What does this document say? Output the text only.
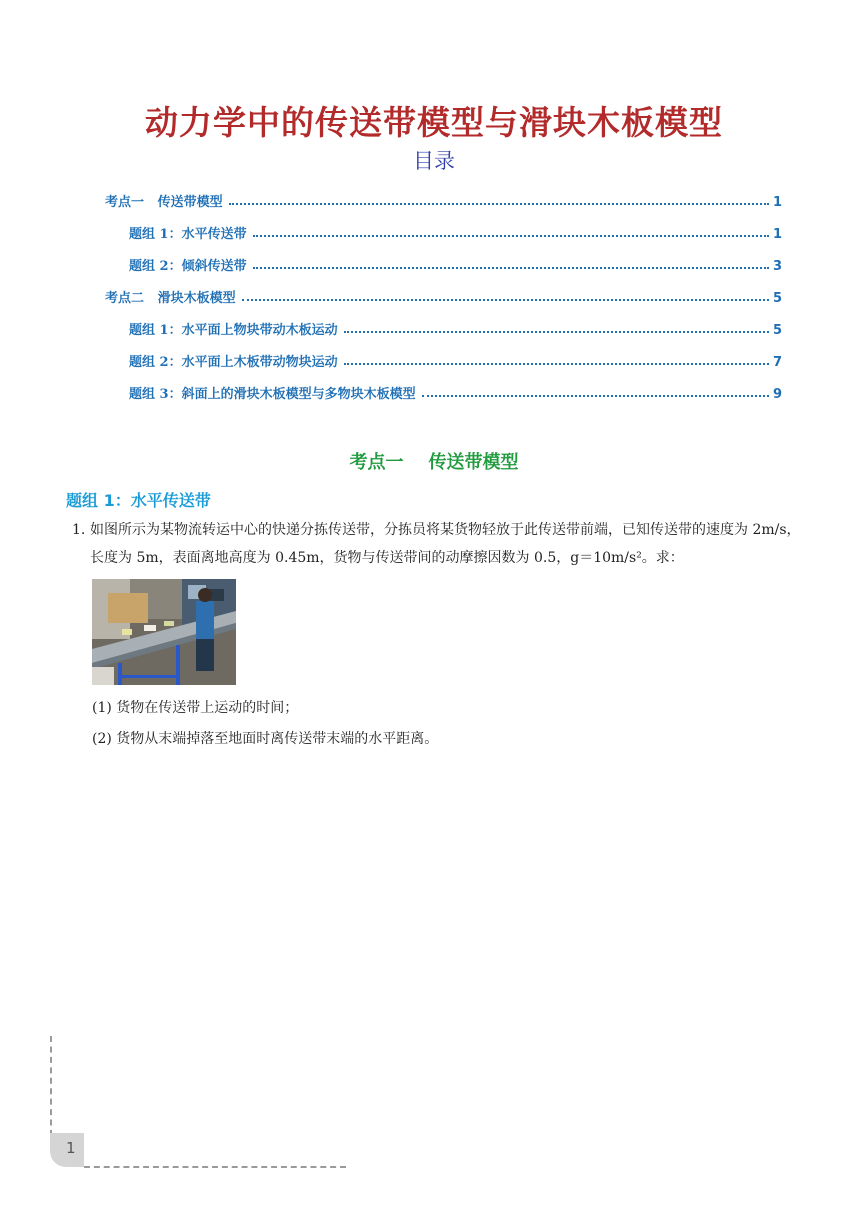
动力学中的传送带模型与滑块木板模型
目录
考点一   传送带模型	1
题组 1：水平传送带	1
题组 2：倾斜传送带	3
考点二   滑块木板模型	5
题组 1：水平面上物块带动木板运动	5
题组 2：水平面上木板带动物块运动	7
题组 3：斜面上的滑块木板模型与多物块木板模型	9
考点一    传送带模型
题组 1：水平传送带
1. 如图所示为某物流转运中心的快递分拣传送带，分拣员将某货物轻放于此传送带前端，已知传送带的速度为 2m/s，长度为 5m，表面离地高度为 0.45m，货物与传送带间的动摩擦因数为 0.5，g＝10m/s²。求：
(1) 货物在传送带上运动的时间；
(2) 货物从末端掉落至地面时离传送带末端的水平距离。
1
